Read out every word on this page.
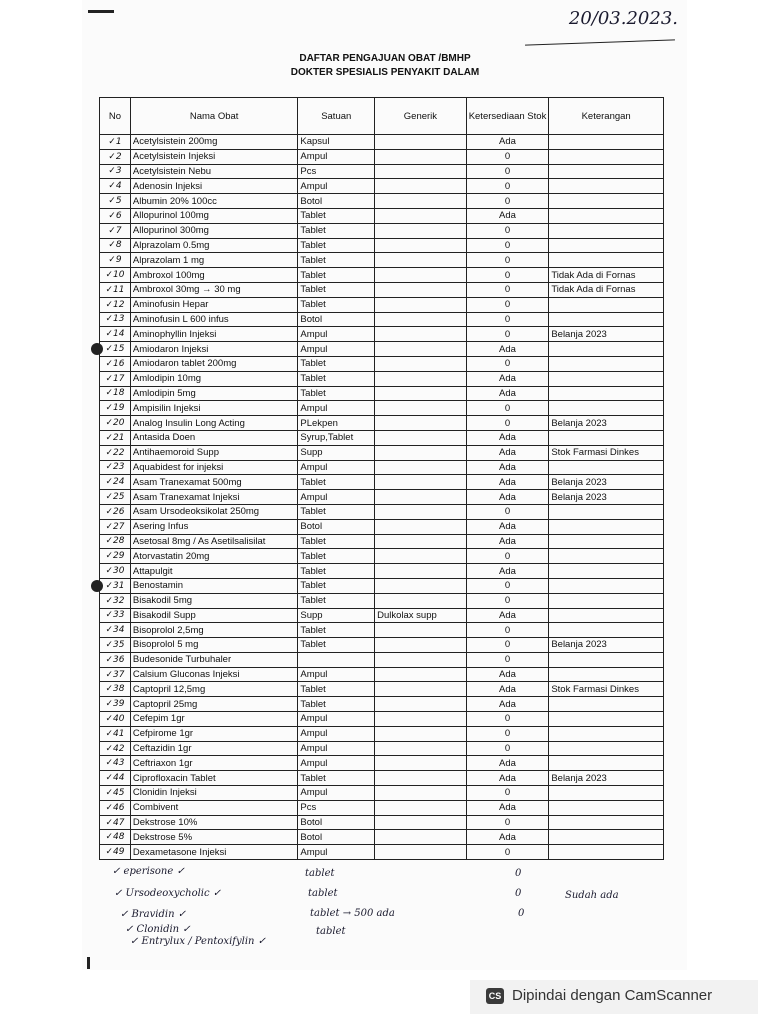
20/03.2023.
DAFTAR PENGAJUAN OBAT /BMHP
DOKTER SPESIALIS PENYAKIT DALAM
No	Nama Obat	Satuan	Generik	Ketersediaan Stok	Keterangan
✓1	Acetylsistein 200mg	Kapsul		Ada	
✓2	Acetylsistein Injeksi	Ampul		0	
✓3	Acetylsistein Nebu	Pcs		0	
✓4	Adenosin Injeksi	Ampul		0	
✓5	Albumin 20% 100cc	Botol		0	
✓6	Allopurinol 100mg	Tablet		Ada	
✓7	Allopurinol 300mg	Tablet		0	
✓8	Alprazolam 0.5mg	Tablet		0	
✓9	Alprazolam 1 mg	Tablet		0	
✓10	Ambroxol 100mg	Tablet		0	Tidak Ada di Fornas
✓11	Ambroxol 30mg → 30 mg	Tablet		0	Tidak Ada di Fornas
✓12	Aminofusin Hepar	Tablet		0	
✓13	Aminofusin L 600 infus	Botol		0	
✓14	Aminophyllin Injeksi	Ampul		0	Belanja 2023
✓15	Amiodaron Injeksi	Ampul		Ada	
✓16	Amiodaron tablet 200mg	Tablet		0	
✓17	Amlodipin 10mg	Tablet		Ada	
✓18	Amlodipin 5mg	Tablet		Ada	
✓19	Ampisilin Injeksi	Ampul		0	
✓20	Analog Insulin Long Acting	PLekpen		0	Belanja 2023
✓21	Antasida Doen	Syrup,Tablet		Ada	
✓22	Antihaemoroid Supp	Supp		Ada	Stok Farmasi Dinkes
✓23	Aquabidest for injeksi	Ampul		Ada	
✓24	Asam Tranexamat 500mg	Tablet		Ada	Belanja 2023
✓25	Asam Tranexamat Injeksi	Ampul		Ada	Belanja 2023
✓26	Asam Ursodeoksikolat 250mg	Tablet		0	
✓27	Asering Infus	Botol		Ada	
✓28	Asetosal 8mg / As Asetilsalisilat	Tablet		Ada	
✓29	Atorvastatin 20mg	Tablet		0	
✓30	Attapulgit	Tablet		Ada	
✓31	Benostamin	Tablet		0	
✓32	Bisakodil 5mg	Tablet		0	
✓33	Bisakodil Supp	Supp	Dulkolax supp	Ada	
✓34	Bisoprolol 2,5mg	Tablet		0	
✓35	Bisoprolol 5 mg	Tablet		0	Belanja 2023
✓36	Budesonide Turbuhaler			0	
✓37	Calsium Gluconas Injeksi	Ampul		Ada	
✓38	Captopril 12,5mg	Tablet		Ada	Stok Farmasi Dinkes
✓39	Captopril 25mg	Tablet		Ada	
✓40	Cefepim 1gr	Ampul		0	
✓41	Cefpirome 1gr	Ampul		0	
✓42	Ceftazidin 1gr	Ampul		0	
✓43	Ceftriaxon 1gr	Ampul		Ada	
✓44	Ciprofloxacin Tablet	Tablet		Ada	Belanja 2023
✓45	Clonidin Injeksi	Ampul		0	
✓46	Combivent	Pcs		Ada	
✓47	Dekstrose 10%	Botol		0	
✓48	Dekstrose 5%	Botol		Ada	
✓49	Dexametasone Injeksi	Ampul		0	
✓ eperisone ✓	tablet	0
✓ Ursodeoxycholic ✓	tablet	0	Sudah ada
✓ Bravidin ✓	tablet → 500 ada	0
✓ Clonidin ✓	tablet
✓ Entrylux / Pentoxifylin ✓
CS Dipindai dengan CamScanner
